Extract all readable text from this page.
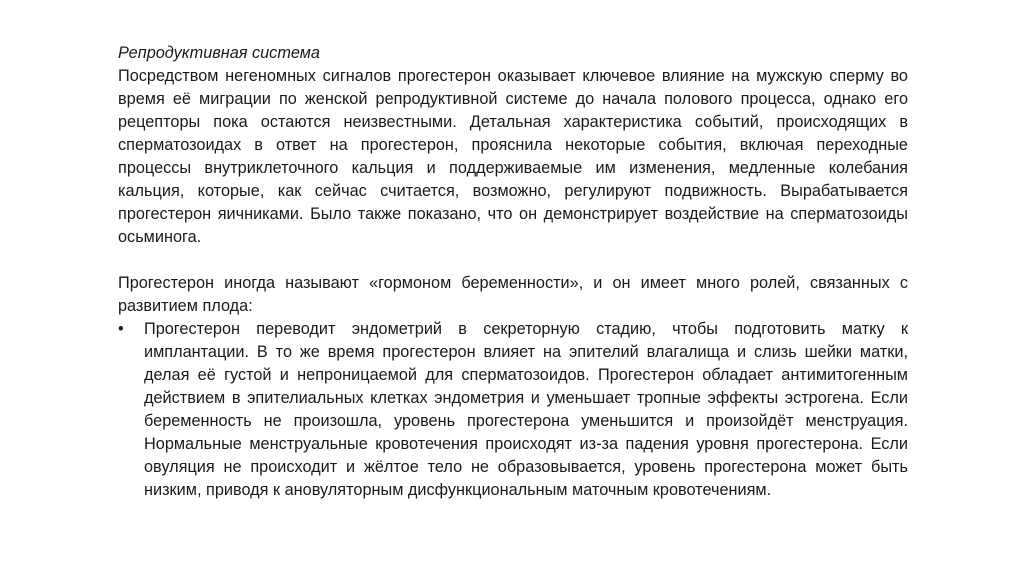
Репродуктивная система

Посредством негеномных сигналов прогестерон оказывает ключевое влияние на мужскую сперму во время её миграции по женской репродуктивной системе до начала полового процесса, однако его рецепторы пока остаются неизвестными. Детальная характеристика событий, происходящих в сперматозоидах в ответ на прогестерон, прояснила некоторые события, включая переходные процессы внутриклеточного кальция и поддерживаемые им изменения, медленные колебания кальция, которые, как сейчас считается, возможно, регулируют подвижность. Вырабатывается прогестерон яичниками. Было также показано, что он демонстрирует воздействие на сперматозоиды осьминога.

Прогестерон иногда называют «гормоном беременности», и он имеет много ролей, связанных с развитием плода:

• Прогестерон переводит эндометрий в секреторную стадию, чтобы подготовить матку к имплантации. В то же время прогестерон влияет на эпителий влагалища и слизь шейки матки, делая её густой и непроницаемой для сперматозоидов. Прогестерон обладает антимитогенным действием в эпителиальных клетках эндометрия и уменьшает тропные эффекты эстрогена. Если беременность не произошла, уровень прогестерона уменьшится и произойдёт менструация. Нормальные менструальные кровотечения происходят из-за падения уровня прогестерона. Если овуляция не происходит и жёлтое тело не образовывается, уровень прогестерона может быть низким, приводя к ановуляторным дисфункциональным маточным кровотечениям.
